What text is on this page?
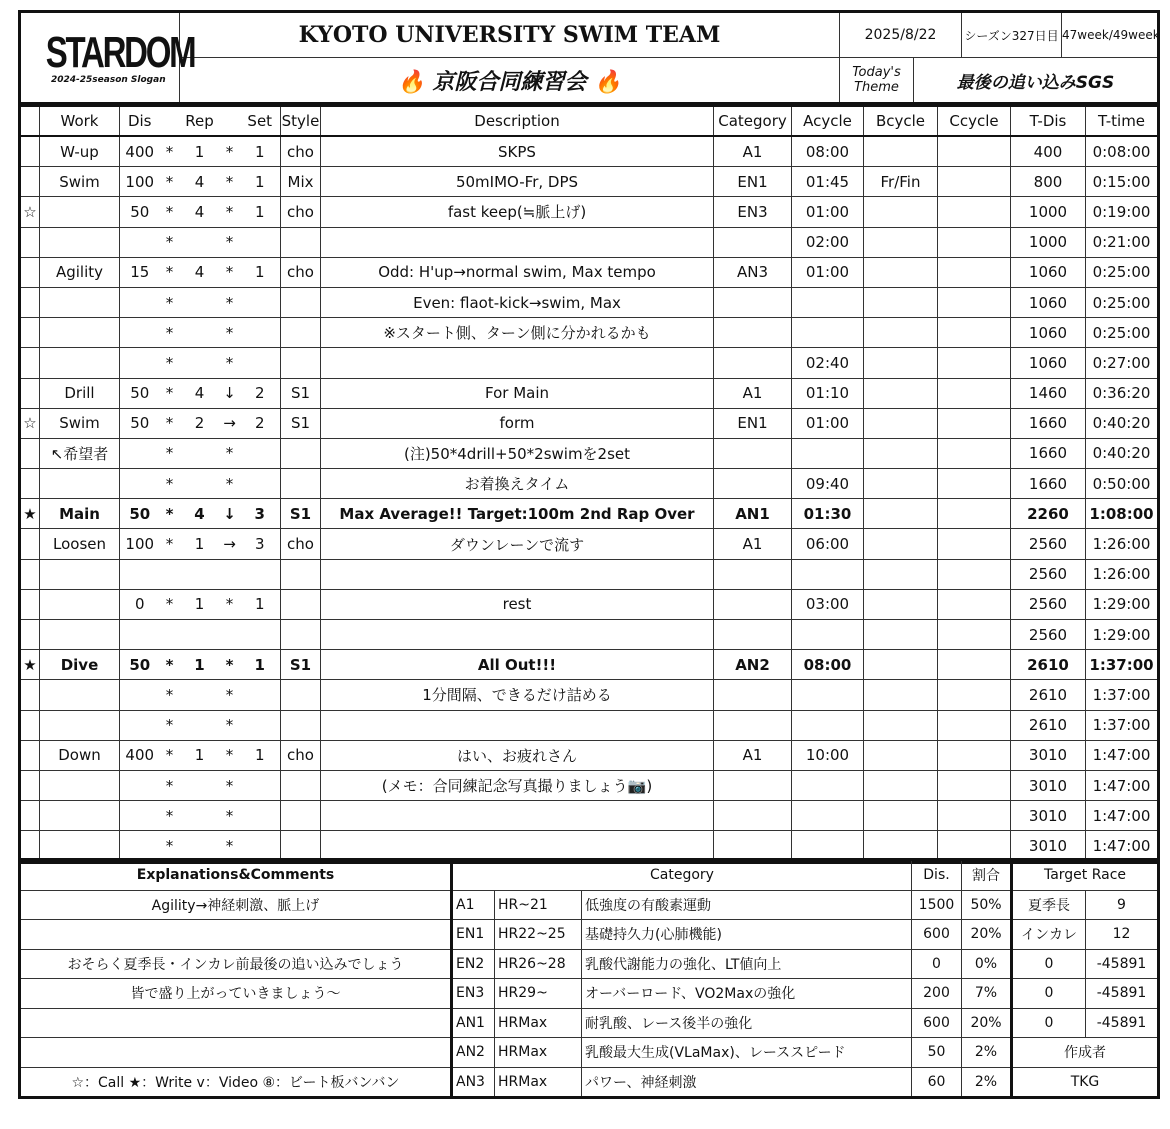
STARDOM
2024-25season Slogan	KYOTO UNIVERSITY SWIM TEAM	2025/8/22		シーズン327日目	47week/49week
	🔥 京阪合同練習会 🔥	Today's Theme	最後の追い込みSGS		
	Work	Dis		Rep		Set	Style	Description	Category	Acycle	Bcycle	Ccycle	T-Dis	T-time
	W-up	400	*	1	*	1	cho	SKPS	A1	08:00			400	0:08:00
	Swim	100	*	4	*	1	Mix	50mIMO-Fr, DPS	EN1	01:45	Fr/Fin		800	0:15:00
☆		50	*	4	*	1	cho	fast keep(≒脈上げ)	EN3	01:00			1000	0:19:00
			*		*					02:00			1000	0:21:00
	Agility	15	*	4	*	1	cho	Odd: H'up→normal swim, Max tempo	AN3	01:00			1060	0:25:00
			*		*			Even: flaot-kick→swim, Max					1060	0:25:00
			*		*			※スタート側、ターン側に分かれるかも					1060	0:25:00
			*		*					02:40			1060	0:27:00
	Drill	50	*	4	↓	2	S1	For Main	A1	01:10			1460	0:36:20
☆	Swim	50	*	2	→	2	S1	form	EN1	01:00			1660	0:40:20
	↖希望者		*		*			(注)50*4drill+50*2swimを2set					1660	0:40:20
			*		*			お着換えタイム		09:40			1660	0:50:00
★	Main	50	*	4	↓	3	S1	Max Average!! Target:100m 2nd Rap Over	AN1	01:30			2260	1:08:00
	Loosen	100	*	1	→	3	cho	ダウンレーンで流す	A1	06:00			2560	1:26:00
													2560	1:26:00
		0	*	1	*	1		rest		03:00			2560	1:29:00
													2560	1:29:00
★	Dive	50	*	1	*	1	S1	All Out!!!	AN2	08:00			2610	1:37:00
			*		*			1分間隔、できるだけ詰める					2610	1:37:00
			*		*								2610	1:37:00
	Down	400	*	1	*	1	cho	はい、お疲れさん	A1	10:00			3010	1:47:00
			*		*			(メモ：合同練記念写真撮りましょう📷)					3010	1:47:00
			*		*								3010	1:47:00
			*		*								3010	1:47:00
Explanations&Comments	Category			Dis.	割合	Target Race	
Agility→神経刺激、脈上げ	A1	HR~21	低強度の有酸素運動	1500	50%	夏季長	9
	EN1	HR22~25	基礎持久力(心肺機能)	600	20%	インカレ	12
おそらく夏季長・インカレ前最後の追い込みでしょう	EN2	HR26~28	乳酸代謝能力の強化、LT値向上	0	0%	0	-45891
皆で盛り上がっていきましょう～	EN3	HR29~	オーバーロード、VO2Maxの強化	200	7%	0	-45891
	AN1	HRMax	耐乳酸、レース後半の強化	600	20%	0	-45891
	AN2	HRMax	乳酸最大生成(VLaMax)、レーススピード	50	2%	作成者	
☆：Call ★：Write v：Video ⑧：ビート板バンバン	AN3	HRMax	パワー、神経刺激	60	2%	TKG	
